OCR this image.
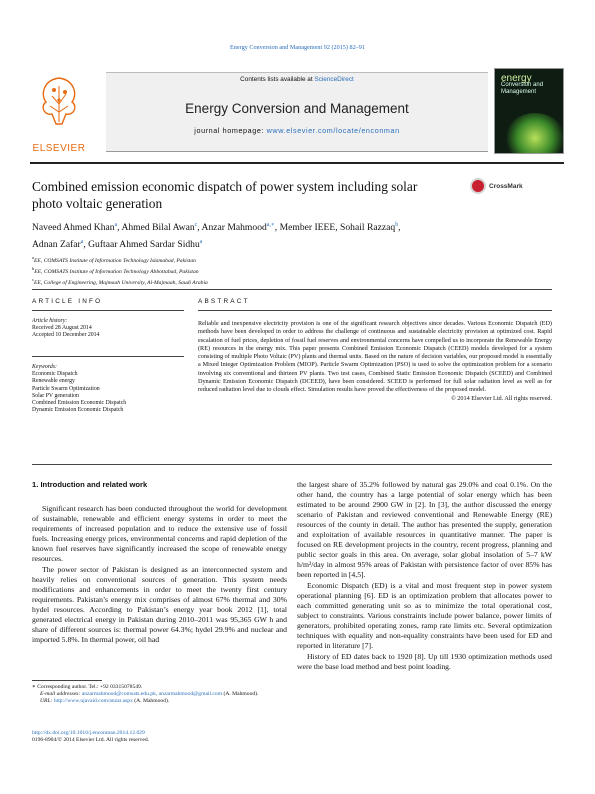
Energy Conversion and Management 92 (2015) 82–91
ELSEVIER
Contents lists available at ScienceDirect
Energy Conversion and Management
journal homepage: www.elsevier.com/locate/enconman
energy
Conversion and Management
Combined emission economic dispatch of power system including solar photo voltaic generation
CrossMark
Naveed Ahmed Khan$^a$, Ahmed Bilal Awan$^c$, Anzar Mahmood$^{a,∗}$, Member IEEE, Sohail Razzaq$^b$,
Adnan Zafar$^a$, Guftaar Ahmed Sardar Sidhu$^a$
$^a$EE, COMSATS Institute of Information Technology Islamabad, Pakistan
$^b$EE, COMSATS Institute of Information Technology Abbottabad, Pakistan
$^c$EE, College of Engineering, Majmaah University, Al-Majmaah, Saudi Arabia
ARTICLE INFO	ABSTRACT
Article history:
Received 28 August 2014
Accepted 10 December 2014
Keywords:
Economic Dispatch
Renewable energy
Particle Swarm Optimization
Solar PV generation
Combined Emission Economic Dispatch
Dynamic Emission Economic Dispatch
Reliable and inexpensive electricity provision is one of the significant research objectives since decades. Various Economic Dispatch (ED) methods have been developed in order to address the challenge of continuous and sustainable electricity provision at optimized cost. Rapid escalation of fuel prices, depletion of fossil fuel reserves and environmental concerns have compelled us to incorporate the Renewable Energy (RE) resources in the energy mix. This paper presents Combined Emission Economic Dispatch (CEED) models developed for a system consisting of multiple Photo Voltaic (PV) plants and thermal units. Based on the nature of decision variables, our proposed model is essentially a Mixed Integer Optimization Problem (MIOP). Particle Swarm Optimization (PSO) is used to solve the optimization problem for a scenario involving six conventional and thirteen PV plants. Two test cases, Combined Static Emission Economic Dispatch (SCEED) and Combined Dynamic Emission Economic Dispatch (DCEED), have been considered. SCEED is performed for full solar radiation level as well as for reduced radiation level due to clouds effect. Simulation results have proved the effectiveness of the proposed model.
© 2014 Elsevier Ltd. All rights reserved.
1. Introduction and related work

Significant research has been conducted throughout the world for development of sustainable, renewable and efficient energy systems in order to meet the requirements of increased population and to reduce the extensive use of fossil fuels. Increasing energy prices, environmental concerns and rapid depletion of the known fuel reserves have significantly increased the scope of renewable energy resources.

The power sector of Pakistan is designed as an interconnected system and heavily relies on conventional sources of generation. This system needs modifications and enhancements in order to meet the twenty first century requirements. Pakistan’s energy mix comprises of almost 67% thermal and 30% hydel resources. According to Pakistan’s energy year book 2012 [1], total generated electrical energy in Pakistan during 2010–2011 was 95,365 GW h and share of different sources is: thermal power 64.3%; hydel 29.9% and nuclear and imported 5.8%. In thermal power, oil had

the largest share of 35.2% followed by natural gas 29.0% and coal 0.1%. On the other hand, the country has a large potential of solar energy which has been estimated to be around 2900 GW in [2]. In [3], the author discussed the energy scenario of Pakistan and reviewed conventional and Renewable Energy (RE) resources of the county in detail. The author has presented the supply, generation and exploitation of available resources in quantitative manner. The paper is focused on RE development projects in the country, recent progress, planning and public sector goals in this area. On average, solar global insolation of 5–7 kW h/m²/day in almost 95% areas of Pakistan with persistence factor of over 85% has been reported in [4,5].

Economic Dispatch (ED) is a vital and most frequent step in power system operational planning [6]. ED is an optimization problem that allocates power to each committed generating unit so as to minimize the total operational cost, subject to constraints. Various constraints include power balance, power limits of generators, prohibited operating zones, ramp rate limits etc. Several optimization techniques with equality and non-equality constraints have been used for ED and reported in literature [7].

History of ED dates back to 1920 [8]. Up till 1930 optimization methods used were the base load method and best point loading.

∗ Corresponding author. Tel.: +92 03315078549.
E-mail addresses: anzarmahmood@comsats.edu.pk, anzarmahmood@gmail.com (A. Mahmood).
URL: http://www.njavaid.com/anzar.aspx (A. Mahmood).
http://dx.doi.org/10.1016/j.enconman.2014.12.029
0196-8904/© 2014 Elsevier Ltd. All rights reserved.
